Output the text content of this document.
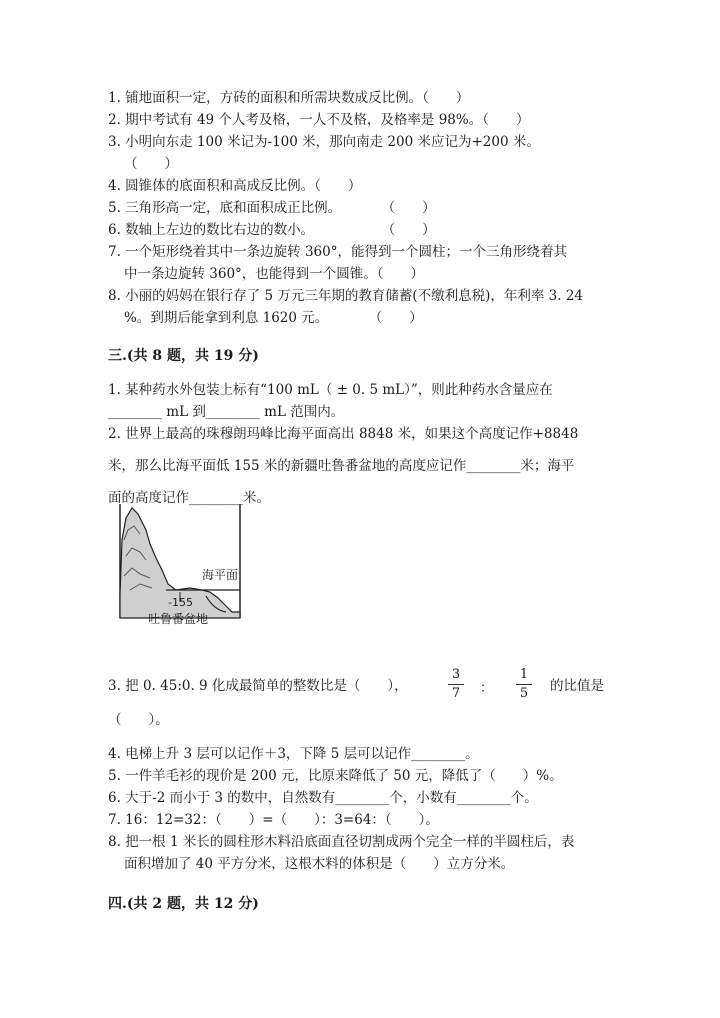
1. 铺地面积一定，方砖的面积和所需块数成反比例。（　　）
2. 期中考试有 49 个人考及格，一人不及格，及格率是 98%。（　　）
3. 小明向东走 100 米记为-100 米，那向南走 200 米应记为+200 米。
（　　）
4. 圆锥体的底面积和高成反比例。（　　）
5. 三角形高一定，底和面积成正比例。　　　　（　　）
6. 数轴上左边的数比右边的数小。　　　　　　（　　）
7. 一个矩形绕着其中一条边旋转 360°，能得到一个圆柱；一个三角形绕着其
中一条边旋转 360°，也能得到一个圆锥。（　　）
8. 小丽的妈妈在银行存了 5 万元三年期的教育储蓄(不缴利息税)，年利率 3. 24
%。到期后能拿到利息 1620 元。　　　　（　　）
三.(共 8 题，共 19 分)
1. 某种药水外包装上标有“100 mL（ ± 0. 5 mL）”，则此种药水含量应在
________ mL 到________ mL 范围内。
2. 世界上最高的珠穆朗玛峰比海平面高出 8848 米，如果这个高度记作+8848
米，那么比海平面低 155 米的新疆吐鲁番盆地的高度应记作________米；海平
面的高度记作________米。
海平面
-155
吐鲁番盆地
3. 把 0. 45:0. 9 化成最简单的整数比是（　　），
3
7	：
1
5	的比值是
（　　）。
4. 电梯上升 3 层可以记作＋3，下降 5 层可以记作________。
5. 一件羊毛衫的现价是 200 元，比原来降低了 50 元，降低了（　　）%。
6. 大于-2 而小于 3 的数中，自然数有________个，小数有________个。
7. 16：12=32：（　　）=（　　）：3=64：（　　）。
8. 把一根 1 米长的圆柱形木料沿底面直径切割成两个完全一样的半圆柱后，表
面积增加了 40 平方分米，这根木料的体积是（　　）立方分米。
四.(共 2 题，共 12 分)
